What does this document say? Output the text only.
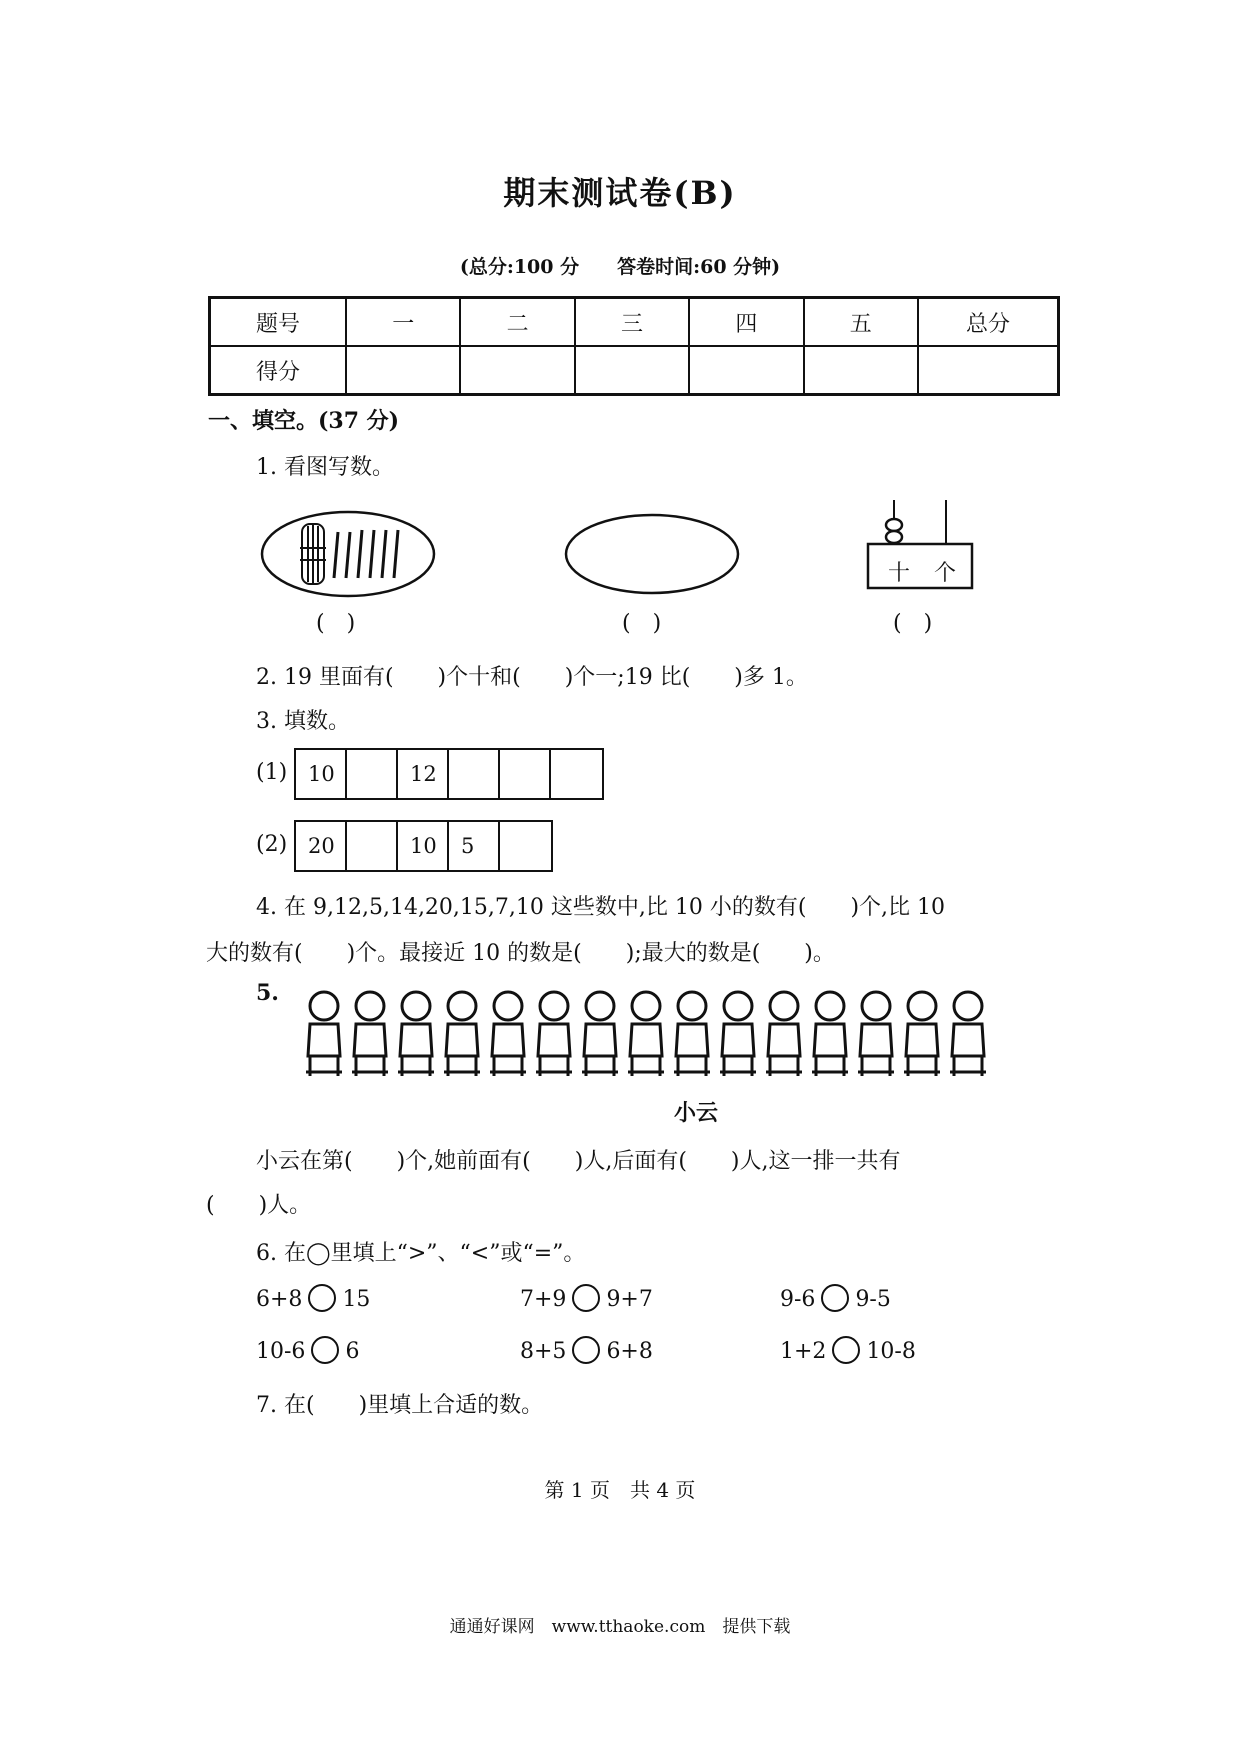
期末测试卷(B)
(总分:100 分　　答卷时间:60 分钟)
题号	一	二	三	四	五	总分
得分						
一、填空。(37 分)
1. 看图写数。
十 个
(　)	(　)	(　)
2. 19 里面有(　　)个十和(　　)个一;19 比(　　)多 1。
3. 填数。
(1) 10	12
(2) 20	10	5
4. 在 9,12,5,14,20,15,7,10 这些数中,比 10 小的数有(　　)个,比 10
大的数有(　　)个。最接近 10 的数是(　　);最大的数是(　　)。
5.
小云
小云在第(　　)个,她前面有(　　)人,后面有(　　)人,这一排一共有
(　　)人。
6. 在◯里填上“>”、“<”或“=”。
6+8 15	7+9 9+7	9-6 9-5
10-6 6	8+5 6+8	1+2 10-8
7. 在(　　)里填上合适的数。
第 1 页　共 4 页
通通好课网　www.tthaoke.com　提供下载
